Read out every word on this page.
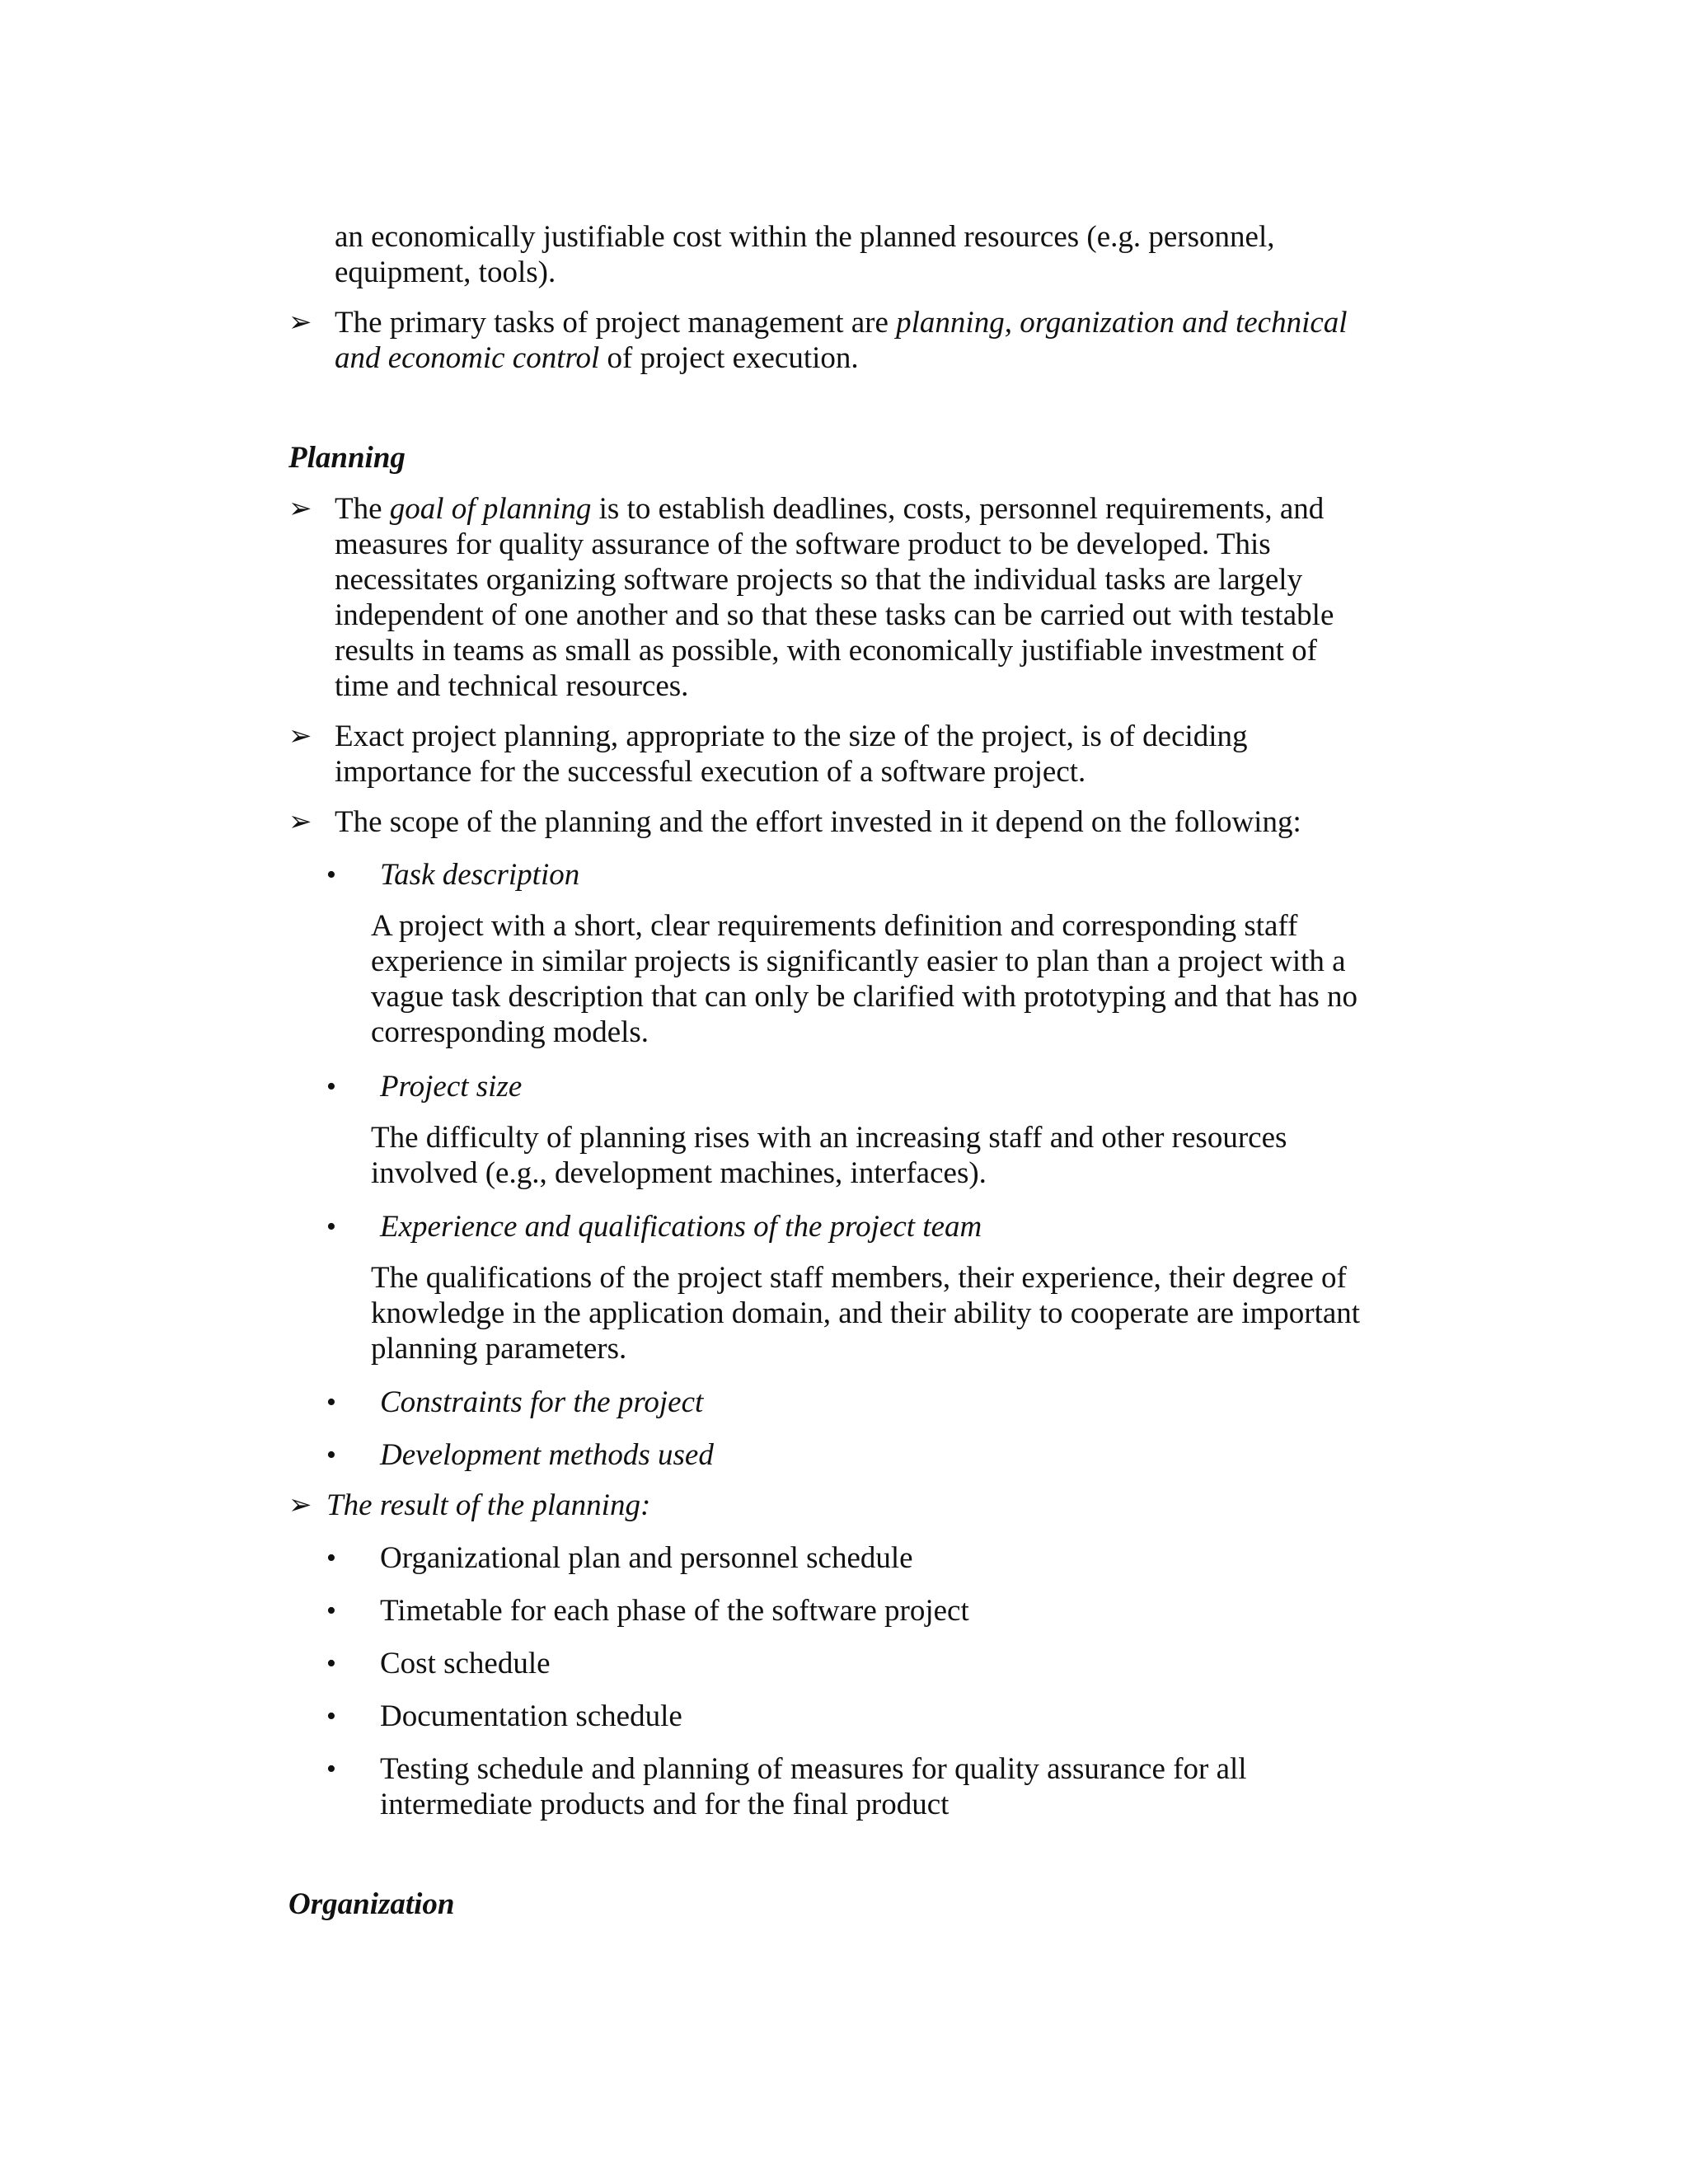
an economically justifiable cost within the planned resources (e.g. personnel,
equipment, tools).
➢ The primary tasks of project management are planning, organization and technical
and economic control of project execution.
Planning
➢ The goal of planning is to establish deadlines, costs, personnel requirements, and
measures for quality assurance of the software product to be developed. This
necessitates organizing software projects so that the individual tasks are largely
independent of one another and so that these tasks can be carried out with testable
results in teams as small as possible, with economically justifiable investment of
time and technical resources.
➢ Exact project planning, appropriate to the size of the project, is of deciding
importance for the successful execution of a software project.
➢ The scope of the planning and the effort invested in it depend on the following:
• Task description
A project with a short, clear requirements definition and corresponding staff
experience in similar projects is significantly easier to plan than a project with a
vague task description that can only be clarified with prototyping and that has no
corresponding models.
• Project size
The difficulty of planning rises with an increasing staff and other resources
involved (e.g., development machines, interfaces).
• Experience and qualifications of the project team
The qualifications of the project staff members, their experience, their degree of
knowledge in the application domain, and their ability to cooperate are important
planning parameters.
• Constraints for the project
• Development methods used
➢ The result of the planning:
• Organizational plan and personnel schedule
• Timetable for each phase of the software project
• Cost schedule
• Documentation schedule
• Testing schedule and planning of measures for quality assurance for all
intermediate products and for the final product
Organization
